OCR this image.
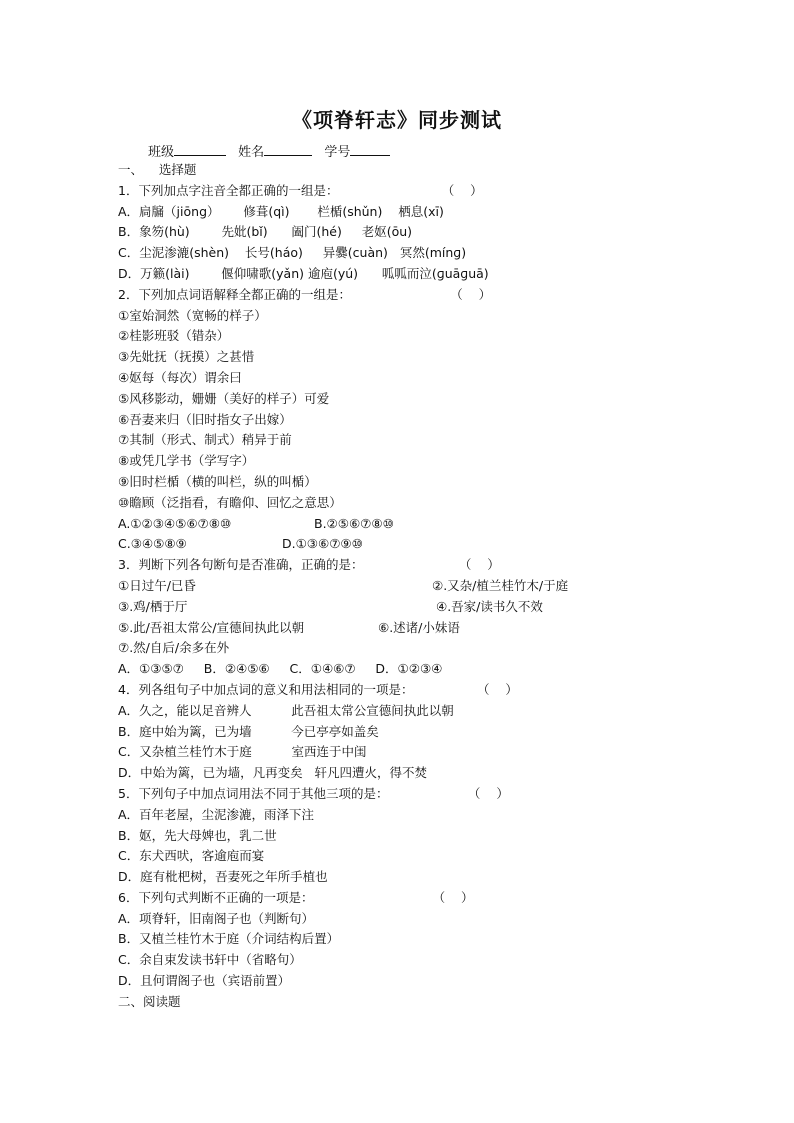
《项脊轩志》同步测试
班级	姓名	学号
一、    选择题
1．下列加点字注音全都正确的一组是：                          （    ）
A．扃牖（jiōng）      修葺(qì)       栏楯(shǔn)    栖息(xī)
B．象笏(hù)        先妣(bǐ)      阖门(hé)     老妪(ōu)
C．尘泥渗漉(shèn)    长号(háo)     异爨(cuàn)   冥然(mínɡ)
D．万籁(lài)        偃仰啸歌(yǎn) 逾庖(yú)      呱呱而泣(ɡuāɡuā)
2．下列加点词语解释全都正确的一组是：                         （    ）
①室始洞然（宽畅的样子）
②桂影班驳（错杂）
③先妣抚（抚摸）之甚惜
④妪每（每次）谓余曰
⑤风移影动，姗姗（美好的样子）可爱
⑥吾妻来归（旧时指女子出嫁）
⑦其制（形式、制式）稍异于前
⑧或凭几学书（学写字）
⑨旧时栏楯（横的叫栏，纵的叫楯）
⑩瞻顾（泛指看，有瞻仰、回忆之意思）
A.①②③④⑤⑥⑦⑧⑩	B.②⑤⑥⑦⑧⑩
C.③④⑤⑧⑨	D.①③⑥⑦⑨⑩
3．判断下列各句断句是否准确，正确的是：                        （    ）
①日过午/已昏	②.又杂/植兰桂竹木/于庭
③.鸡/栖于厅	④.吾家/读书久不效
⑤.此/吾祖太常公/宣德间执此以朝	⑥.述诸/小妹语
⑦.然/自后/余多在外
A．①③⑤⑦     B．②④⑤⑥     C．①④⑥⑦     D．①②③④
4．列各组句子中加点词的意义和用法相同的一项是：                （    ）
A．久之，能以足音辨人          此吾祖太常公宣德间执此以朝
B．庭中始为篱，已为墙          今已亭亭如盖矣
C．又杂植兰桂竹木于庭          室西连于中闺
D．中始为篱，已为墙，凡再变矣   轩凡四遭火，得不焚
5．下列句子中加点词用法不同于其他三项的是：                    （    ）
A．百年老屋，尘泥渗漉，雨泽下注
B．妪，先大母婢也，乳二世
C．东犬西吠，客逾庖而宴
D．庭有枇杷树，吾妻死之年所手植也
6．下列句式判断不正确的一项是：                              （    ）
A．项脊轩，旧南阁子也（判断句）
B．又植兰桂竹木于庭（介词结构后置）
C．余自束发读书轩中（省略句）
D．且何谓阁子也（宾语前置）
二、阅读题
